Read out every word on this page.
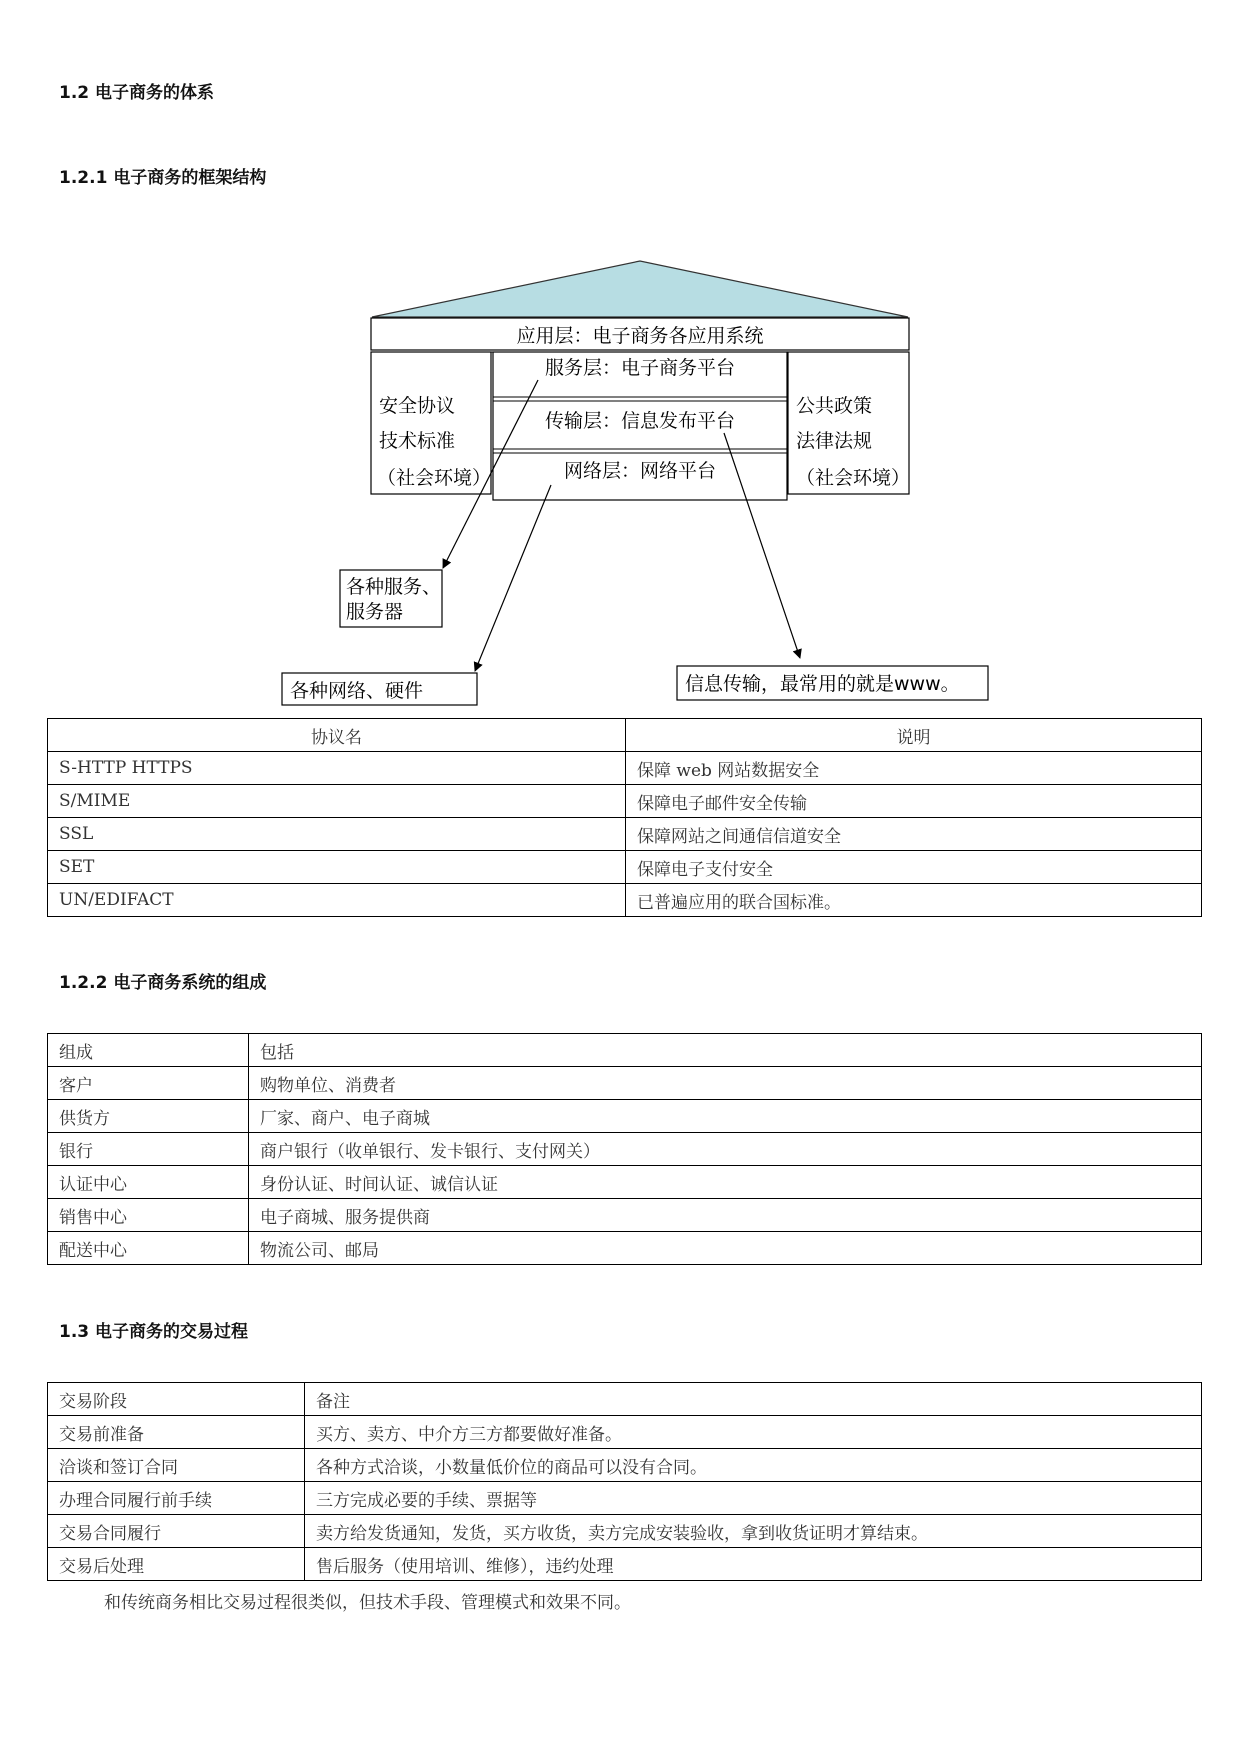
1.2 电子商务的体系
1.2.1 电子商务的框架结构
应用层：电子商务各应用系统
安全协议
技术标准
（社会环境）
公共政策
法律法规
（社会环境）
服务层：电子商务平台
传输层：信息发布平台
网络层：网络平台
各种服务、
服务器
各种网络、硬件	信息传输，最常用的就是www。
协议名	说明
S-HTTP HTTPS	保障 web 网站数据安全
S/MIME	保障电子邮件安全传输
SSL	保障网站之间通信信道安全
SET	保障电子支付安全
UN/EDIFACT	已普遍应用的联合国标准。
1.2.2 电子商务系统的组成
组成	包括
客户	购物单位、消费者
供货方	厂家、商户、电子商城
银行	商户银行（收单银行、发卡银行、支付网关）
认证中心	身份认证、时间认证、诚信认证
销售中心	电子商城、服务提供商
配送中心	物流公司、邮局
1.3 电子商务的交易过程
交易阶段	备注
交易前准备	买方、卖方、中介方三方都要做好准备。
洽谈和签订合同	各种方式洽谈，小数量低价位的商品可以没有合同。
办理合同履行前手续	三方完成必要的手续、票据等
交易合同履行	卖方给发货通知，发货，买方收货，卖方完成安装验收，拿到收货证明才算结束。
交易后处理	售后服务（使用培训、维修），违约处理

和传统商务相比交易过程很类似，但技术手段、管理模式和效果不同。
